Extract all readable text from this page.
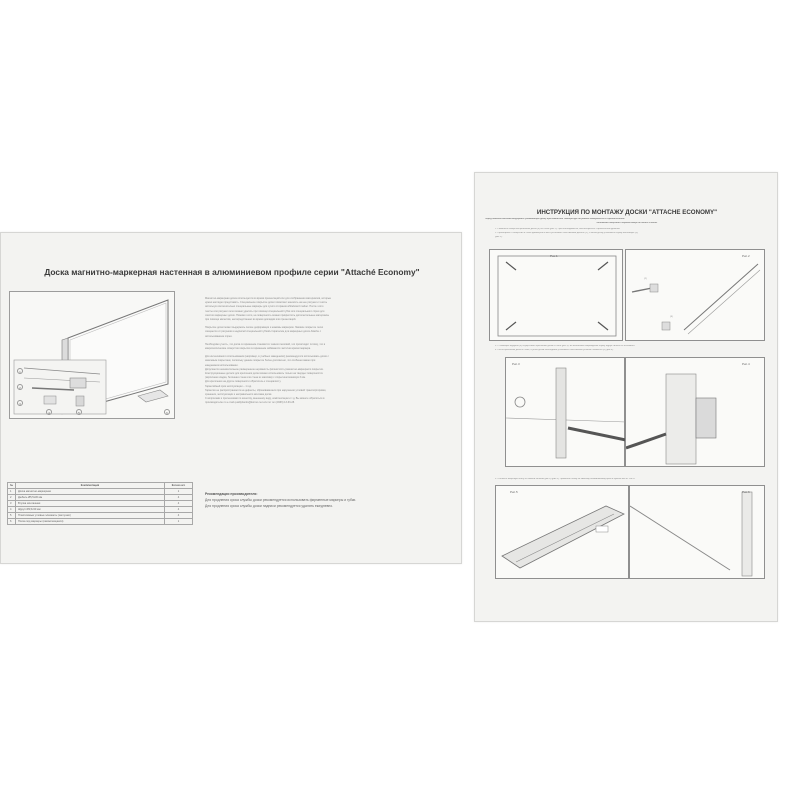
Доска магнитно-маркерная настенная в алюминиевом профиле серии "Attaché Economy"
1
2
3
4	5	6
Магнитно-маркерная доска используется во время презентаций или для отображения материалов, которые
нужно наглядно представить. Специальное покрытие доски позволяет наносить на нее рисунки и тексты
используя исключительно специальные маркеры для сухого стирания whiteboard marker. После этого
тексты или рисунки легко можно удалить при помощи специальной губки или специального спрея для
очистки маркерных досок. Помимо этого, на поверхность можно прикреплять дополнительные материалы
при помощи магнитов, непосредственно во время докладов или презентаций.
Покрытие доски может выдержать легкие деформации и нажимы маркером. Лаковое покрытие легко
очищается от рисунков и надписей специальной губкой-стирателем для маркерных досок Attache с
использованием спрея.
Необходимо учесть, что доска со временем становится темного матовой, это происходит потому, что в
микроскопические отверстия покрытия со временем забиваются частички краски маркера.
Для интенсивного использования (например, в учебных заведениях) рекомендуется использовать доски с
эмалевым покрытием, поскольку данное покрытие более долговечно, что особенно важно при
ежедневном использовании.
Допускается незначительное размеренное неровность (волнистость) магнитно-маркерного покрытия.
Конструкционные детали для крепления доски можно использовать только на твердых поверхностях
(кирпичная кладка, бетонная стена или стена из массива) с открытием минимум 3 мм.
Для крепления на другие поверхности обратитесь к специалисту.
Гарантийный срок эксплуатации – 1 год.
Гарантия не распространяется на дефекты, образовавшиеся при нарушении условий транспортировки,
хранения, эксплуатации и неправильного монтажа доски.
С вопросами и претензиями по качеству, внешнему виду, комплектации и т.д. Вы можете обратиться в
производителю по e-mail qualitybanks@komus.net или по тел (4966) 13-63-28.
Рекомендации производителя:
Для продления срока службы доски рекомендуется использовать фирменные маркеры и губки.
Для продления срока службы доски надписи рекомендуется удалять ежедневно.
№	Комплектация	Кол-во шт.
1	Доска магнитно-маркерная	1
2	Дюбель Ø5,5х30 мм	4
3	Втулка монтажная	4
4	Шуруп Ø3,5х30 мм	4
5	Пластиковые угловые элементы (заглушки)	4
6	Полка под маркеры (самоклеящаяся)	1
ИНСТРУКЦИЯ ПО МОНТАЖУ ДОСКИ "ATTACHE ECONOMY"
Перед началом монтажа выдержать упакованную доску при комнатной температуре на ровной поверхности в горизонтальном
положении защитной стороной вверх не менее 8 часов.
1. Разметить отверстия крепления доски (4) на стене (рис.1). При необходимости, воспользуйтесь строительным уровнем.
2. Просверлить 4 отверстия в стене диаметром 6 мм и установить пластиковый дюбель (2), а затем доску установить втулку монтажную (3),
(рис.2).
Рис.1	Рис.2
(2)
(3)
3. С помощью шурупов (4) осуществить крепление доски к стене (рис.3). Во избежание повреждения втулку шуруп сильно не затягивать!
4. После крепления доски к стене, в углах доски необходимо установить пластиковые угловые элементы (5) (рис.4).
Рис.3	Рис.4
5. Отклеить защитную ленту от нижней полочки (рис.6) (рис.5). Приклеить полку по нижнему алюминиевому краю в нужное место. Рис.6.
Рис.5	Рис.6
